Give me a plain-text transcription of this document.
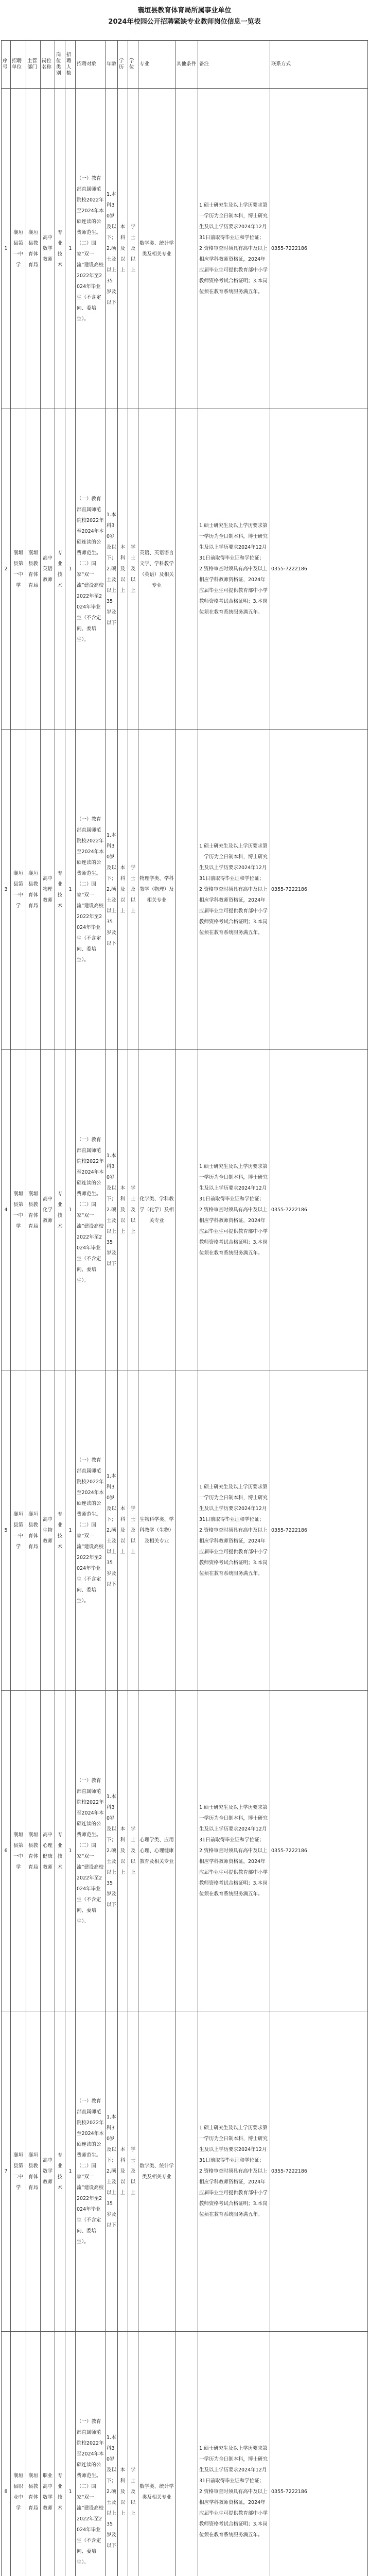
襄垣县教育体育局所属事业单位

2024年校园公开招聘紧缺专业教师岗位信息一览表

序号	招聘单位	主管部门	岗位名称	岗位类别	招聘人数	招聘对象	年龄	学历	学位	专业	其他条件	备注	联系方式
1	襄垣县第一中学	襄垣县教育体育局	高中数学教师	专业技术	1	（一）教育部直属师范院校2022年至2024年本硕连读的公费师范生。（二）国家“双一流”建设高校2022年至2024年毕业生（不含定向、委培生）。	1.本科30岁及以下；2.硕士及以上35岁及以下	本科及以上	学士及以上	数学类、统计学类及相关专业		1.硕士研究生及以上学历要求第一学历为全日制本科，博士研究生及以上学历要求2024年12月31日前取得毕业证和学位证；2.资格审查时须具有高中及以上相应学科教师资格证，2024年应届毕业生可提供教育部中小学教师资格考试合格证明；3.本岗位须在教育系统服务满五年。	0355-7222186
2	襄垣县第一中学	襄垣县教育体育局	高中英语教师	专业技术	1	（一）教育部直属师范院校2022年至2024年本硕连读的公费师范生。（二）国家“双一流”建设高校2022年至2024年毕业生（不含定向、委培生）。	1.本科30岁及以下；2.硕士及以上35岁及以下	本科及以上	学士及以上	英语、英语语言文学、学科教学（英语）及相关专业		1.硕士研究生及以上学历要求第一学历为全日制本科，博士研究生及以上学历要求2024年12月31日前取得毕业证和学位证；2.资格审查时须具有高中及以上相应学科教师资格证，2024年应届毕业生可提供教育部中小学教师资格考试合格证明；3.本岗位须在教育系统服务满五年。	0355-7222186
3	襄垣县第一中学	襄垣县教育体育局	高中物理教师	专业技术	1	（一）教育部直属师范院校2022年至2024年本硕连读的公费师范生。（二）国家“双一流”建设高校2022年至2024年毕业生（不含定向、委培生）。	1.本科30岁及以下；2.硕士及以上35岁及以下	本科及以上	学士及以上	物理学类、学科教学（物理）及相关专业		1.硕士研究生及以上学历要求第一学历为全日制本科，博士研究生及以上学历要求2024年12月31日前取得毕业证和学位证；2.资格审查时须具有高中及以上相应学科教师资格证，2024年应届毕业生可提供教育部中小学教师资格考试合格证明；3.本岗位须在教育系统服务满五年。	0355-7222186
4	襄垣县第一中学	襄垣县教育体育局	高中化学教师	专业技术	1	（一）教育部直属师范院校2022年至2024年本硕连读的公费师范生。（二）国家“双一流”建设高校2022年至2024年毕业生（不含定向、委培生）。	1.本科30岁及以下；2.硕士及以上35岁及以下	本科及以上	学士及以上	化学类、学科教学（化学）及相关专业		1.硕士研究生及以上学历要求第一学历为全日制本科，博士研究生及以上学历要求2024年12月31日前取得毕业证和学位证；2.资格审查时须具有高中及以上相应学科教师资格证，2024年应届毕业生可提供教育部中小学教师资格考试合格证明；3.本岗位须在教育系统服务满五年。	0355-7222186
5	襄垣县第一中学	襄垣县教育体育局	高中生物教师	专业技术	1	（一）教育部直属师范院校2022年至2024年本硕连读的公费师范生。（二）国家“双一流”建设高校2022年至2024年毕业生（不含定向、委培生）。	1.本科30岁及以下；2.硕士及以上35岁及以下	本科及以上	学士及以上	生物科学类、学科教学（生物）及相关专业		1.硕士研究生及以上学历要求第一学历为全日制本科，博士研究生及以上学历要求2024年12月31日前取得毕业证和学位证；2.资格审查时须具有高中及以上相应学科教师资格证，2024年应届毕业生可提供教育部中小学教师资格考试合格证明；3.本岗位须在教育系统服务满五年。	0355-7222186
6	襄垣县第一中学	襄垣县教育体育局	高中心理健康教师	专业技术	1	（一）教育部直属师范院校2022年至2024年本硕连读的公费师范生。（二）国家“双一流”建设高校2022年至2024年毕业生（不含定向、委培生）。	1.本科30岁及以下；2.硕士及以上35岁及以下	本科及以上	学士及以上	心理学类、应用心理、心理健康教育及相关专业		1.硕士研究生及以上学历要求第一学历为全日制本科，博士研究生及以上学历要求2024年12月31日前取得毕业证和学位证；2.资格审查时须具有高中及以上相应学科教师资格证，2024年应届毕业生可提供教育部中小学教师资格考试合格证明；3.本岗位须在教育系统服务满五年。	0355-7222186
7	襄垣县第二中学	襄垣县教育体育局	高中数学教师	专业技术	1	（一）教育部直属师范院校2022年至2024年本硕连读的公费师范生。（二）国家“双一流”建设高校2022年至2024年毕业生（不含定向、委培生）。	1.本科30岁及以下；2.硕士及以上35岁及以下	本科及以上	学士及以上	数学类、统计学类及相关专业		1.硕士研究生及以上学历要求第一学历为全日制本科，博士研究生及以上学历要求2024年12月31日前取得毕业证和学位证；2.资格审查时须具有高中及以上相应学科教师资格证，2024年应届毕业生可提供教育部中小学教师资格考试合格证明；3.本岗位须在教育系统服务满五年。	0355-7222186
8	襄垣县职业中学	襄垣县教育体育局	职业高中数学教师	专业技术	1	（一）教育部直属师范院校2022年至2024年本硕连读的公费师范生。（二）国家“双一流”建设高校2022年至2024年毕业生（不含定向、委培生）。	1.本科30岁及以下；2.硕士及以上35岁及以下	本科及以上	学士及以上	数学类、统计学类及相关专业		1.硕士研究生及以上学历要求第一学历为全日制本科，博士研究生及以上学历要求2024年12月31日前取得毕业证和学位证；2.资格审查时须具有高中及以上相应学科教师资格证，2024年应届毕业生可提供教育部中小学教师资格考试合格证明；3.本岗位须在教育系统服务满五年。	0355-7222186
